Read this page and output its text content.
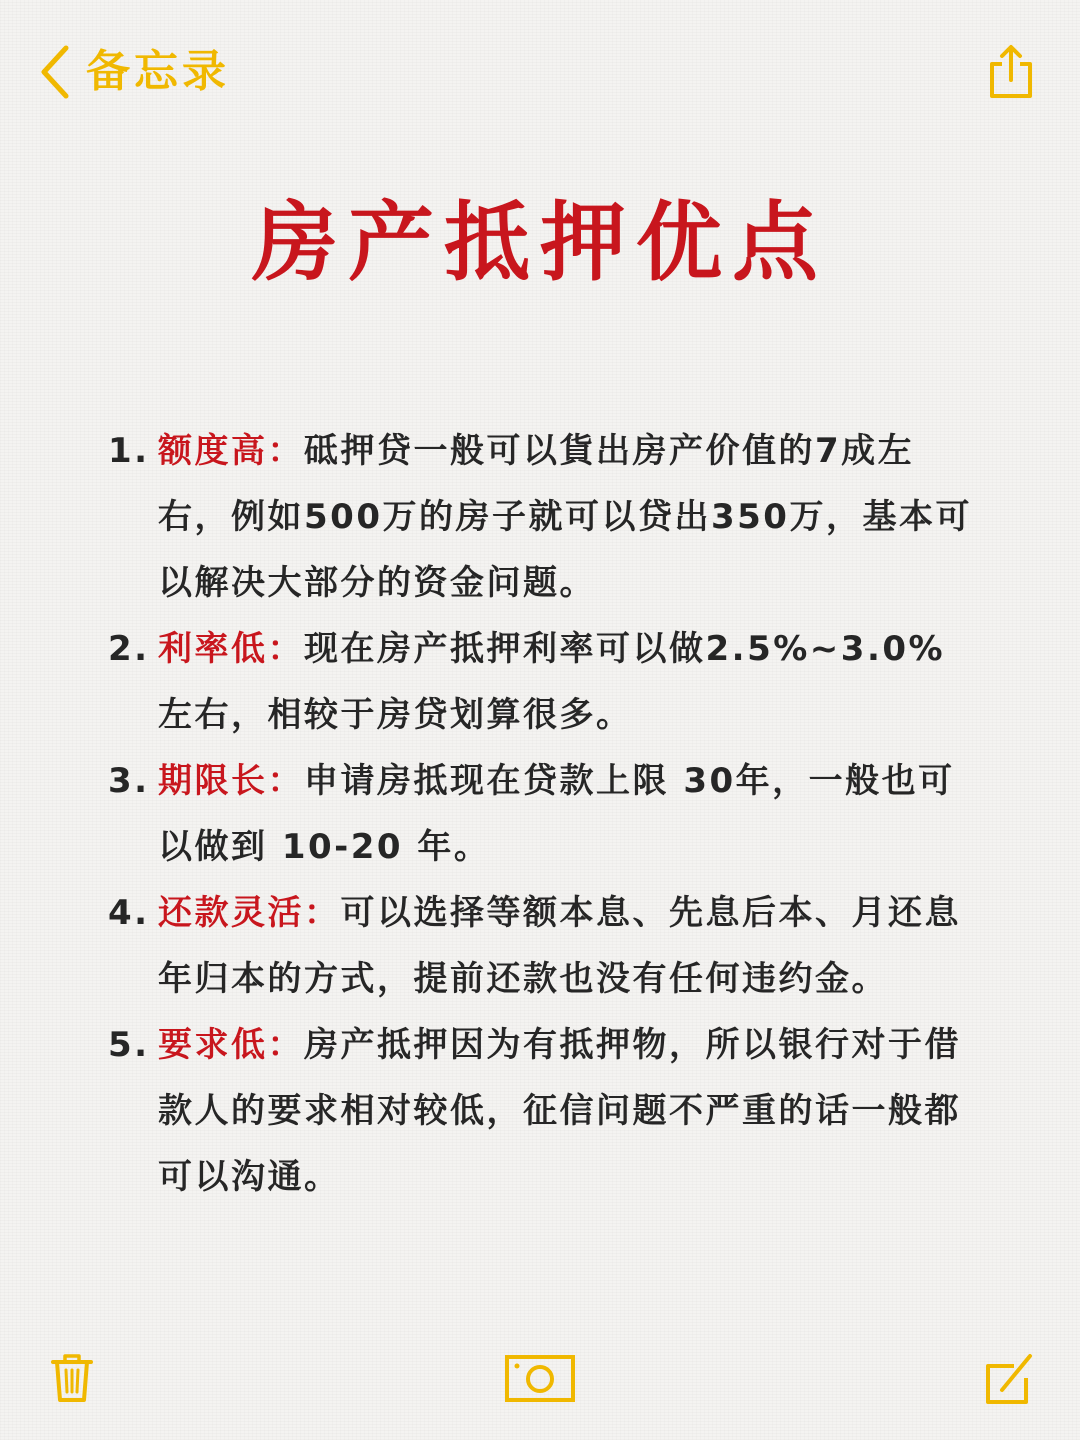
备忘录
房产抵押优点
1. 额度高：砥押贷一般可以貨出房产价值的7成左右，例如500万的房子就可以贷出350万，基本可以解决大部分的资金问题。
2. 利率低：现在房产抵押利率可以做2.5%~3.0%左右，相较于房贷划算很多。
3. 期限长：申请房抵现在贷款上限 30年，一般也可以做到 10-20 年。
4. 还款灵活：可以选择等额本息、先息后本、月还息年归本的方式，提前还款也没有任何违约金。
5. 要求低：房产抵押因为有抵押物，所以银行对于借款人的要求相对较低，征信问题不严重的话一般都可以沟通。
